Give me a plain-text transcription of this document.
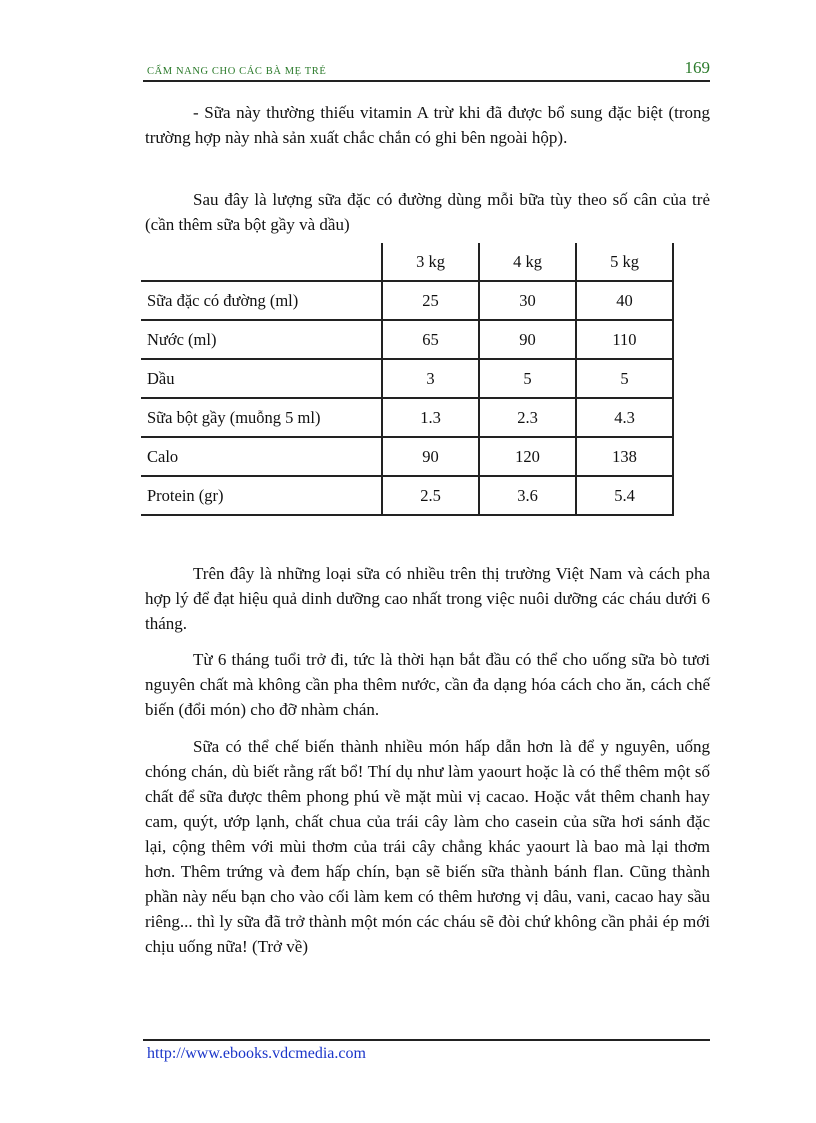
CẨM NANG CHO CÁC BÀ MẸ TRẺ	169

- Sữa này thường thiếu vitamin A trừ khi đã được bổ sung đặc biệt (trong trường hợp này nhà sản xuất chắc chắn có ghi bên ngoài hộp).

Sau đây là lượng sữa đặc có đường dùng mỗi bữa tùy theo số cân của trẻ (cần thêm sữa bột gầy và dầu)

	3 kg	4 kg	5 kg
Sữa đặc có đường (ml)	25	30	40
Nước (ml)	65	90	110
Dầu	3	5	5
Sữa bột gầy (muỗng 5 ml)	1.3	2.3	4.3
Calo	90	120	138
Protein (gr)	2.5	3.6	5.4

Trên đây là những loại sữa có nhiều trên thị trường Việt Nam và cách pha hợp lý để đạt hiệu quả dinh dưỡng cao nhất trong việc nuôi dưỡng các cháu dưới 6 tháng.

Từ 6 tháng tuổi trở đi, tức là thời hạn bắt đầu có thể cho uống sữa bò tươi nguyên chất mà không cần pha thêm nước, cần đa dạng hóa cách cho ăn, cách chế biến (đổi món) cho đỡ nhàm chán.

Sữa có thể chế biến thành nhiều món hấp dẫn hơn là để y nguyên, uống chóng chán, dù biết rằng rất bổ! Thí dụ như làm yaourt hoặc là có thể thêm một số chất để sữa được thêm phong phú về mặt mùi vị cacao. Hoặc vắt thêm chanh hay cam, quýt, ướp lạnh, chất chua của trái cây làm cho casein của sữa hơi sánh đặc lại, cộng thêm với mùi thơm của trái cây chẳng khác yaourt là bao mà lại thơm hơn. Thêm trứng và đem hấp chín, bạn sẽ biến sữa thành bánh flan. Cũng thành phần này nếu bạn cho vào cối làm kem có thêm hương vị dâu, vani, cacao hay sầu riêng... thì ly sữa đã trở thành một món các cháu sẽ đòi chứ không cần phải ép mới chịu uống nữa! (Trở về)

http://www.ebooks.vdcmedia.com
